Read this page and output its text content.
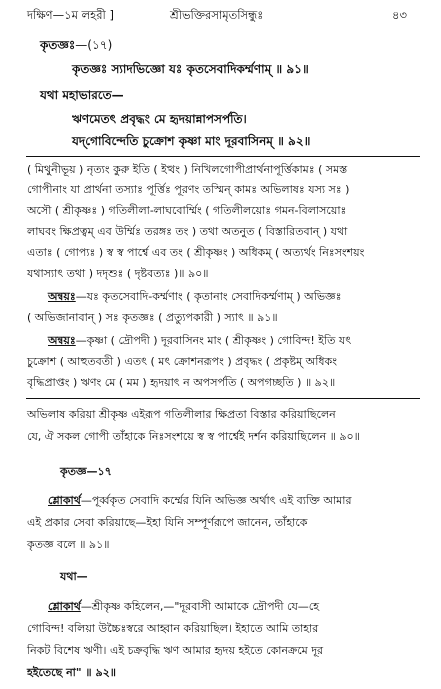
দক্ষিণ—১ম লহরী ]	শ্রীভক্তিরসামৃতসিন্ধুঃ	৪৩
কৃতজ্ঞঃ—(১৭)
কৃতজ্ঞঃ স্যাদভিজ্ঞো যঃ কৃতসেবাদিকর্ম্মণাম্ ॥ ৯১॥
যথা মহাভারতে—
ঋণমেতৎ প্রবৃদ্ধং মে হৃদয়ান্নাপসর্পতি।
যদ্‌গোবিন্দেতি চুক্রোশ কৃষ্ণা মাং দূরবাসিনম্ ॥ ৯২॥
( মিথুনীভূয় ) নৃত্যং কুরু ইতি ( ইত্থং ) নিখিলগোপীপ্রার্থনাপূর্ত্তিকামঃ ( সমস্ত
গোপীনাং যা প্রার্থনা তস্যাঃ পূর্ত্তিঃ পূরণং তস্মিন্ কামঃ অভিলাষঃ যস্য সঃ )
অসৌ ( শ্রীকৃষ্ণঃ ) গতিলীলা-লাঘবোর্ম্মিং ( গতিলীলয়োঃ গমন-বিলাসয়োঃ
লাঘবং ক্ষিপ্রত্বম্ এব উর্ম্মিঃ তরঙ্গঃ তং ) তথা অতনুত ( বিস্তারিতবান্ ) যথা
এতাঃ ( গোপ্যঃ ) স্ব স্ব পার্শ্বে এব তং ( শ্রীকৃষ্ণং ) অধিকম্ ( অত্যর্থং নিঃসংশয়ং
যথাস্যাৎ তথা ) দদৃশুঃ ( দৃষ্টবত্যঃ )॥ ৯০॥
অন্বয়ঃ—যঃ কৃতসেবাদি-কর্ম্মণাং ( কৃতানাং সেবাদিকর্ম্মণাম্ ) অভিজ্ঞঃ
( অভিজানাবান্ ) সঃ কৃতজ্ঞঃ ( প্রত্যুপকারী ) স্যাৎ ॥ ৯১॥
অন্বয়ঃ—কৃষ্ণা ( দ্রৌপদী ) দূরবাসিনং মাং ( শ্রীকৃষ্ণং ) গোবিন্দ! ইতি যৎ
চুক্রোশ ( আহুতবতী ) এতৎ ( মৎ ক্রোশনরূপং ) প্রবৃদ্ধং ( প্রকৃষ্টম্ অধিকং
বৃদ্ধিপ্রাপ্তং ) ঋণং মে ( মম ) হৃদয়াৎ ন অপসর্পতি ( অপগচ্ছতি ) ॥ ৯২॥
অভিলাষ করিয়া শ্রীকৃষ্ণ এইরূপ গতিলীলার ক্ষিপ্রতা বিস্তার করিয়াছিলেন
যে, ঐ সকল গোপী তাঁহাকে নিঃসংশয়ে স্ব স্ব পার্শ্বেই দর্শন করিয়াছিলেন ॥ ৯০॥
কৃতজ্ঞ—১৭
শ্লোকার্থ—পূর্ব্বকৃত সেবাদি কর্ম্মের যিনি অভিজ্ঞ অর্থাৎ এই ব্যক্তি আমার
এই প্রকার সেবা করিয়াছে—ইহা যিনি সম্পূর্ণরূপে জানেন, তাঁহাকে
কৃতজ্ঞ বলে ॥ ৯১॥
যথা—
শ্লোকার্থ—শ্রীকৃষ্ণ কহিলেন,—"দূরবাসী আমাকে দ্রৌপদী যে—হে
গোবিন্দ! বলিয়া উচ্চৈঃস্বরে আহ্বান করিয়াছিল। ইহাতে আমি তাহার
নিকট বিশেষ ঋণী। এই চক্রবৃদ্ধি ঋণ আমার হৃদয় হইতে কোনক্রমে দূর
হইতেছে না" ॥ ৯২॥
